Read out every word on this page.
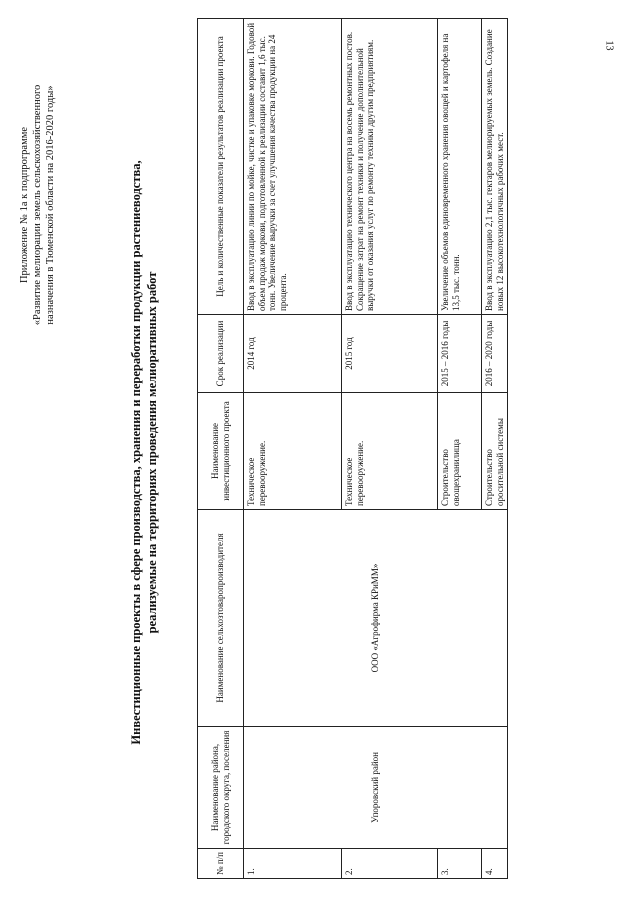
13
Приложение № 1а к подпрограмме «Развитие мелиорации земель сельскохозяйственного назначения в Тюменской области на 2016-2020 годы»	Инвестиционные проекты в сфере производства, хранения и переработки продукции растениеводства, реализуемые на территориях проведения мелиоративных работ
№ п/п	Наименование района, городского округа, поселения	Наименование сельхозтоваропроизводителя	Наименование инвестиционного проекта	Срок реализации	Цель и количественные показатели результатов реализации проекта
1.	Упоровский район	ООО «Агрофирма КРиММ»	Техническое перевооружение.	2014 год	Ввод в эксплуатацию линии по мойке, чистке и упаковке моркови. Годовой объем продаж моркови, подготовленной к реализации составит 1,6 тыс. тонн. Увеличение выручки за счет улучшения качества продукции на 24 процента.
2.			Техническое перевооружение.	2015 год	Ввод в эксплуатацию технического центра на восемь ремонтных постов. Сокращение затрат на ремонт техники и получение дополнительной выручки от оказания услуг по ремонту техники другим предприятиям.
3.			Строительство овощехранилища	2015 – 2016 годы	Увеличение объемов единовременного хранения овощей и картофеля на 13,5 тыс. тонн.
4.			Строительство оросительной системы	2016 – 2020 годы	Ввод в эксплуатацию 2,1 тыс. гектаров мелиорируемых земель. Создание новых 12 высокотехнологичных рабочих мест.
